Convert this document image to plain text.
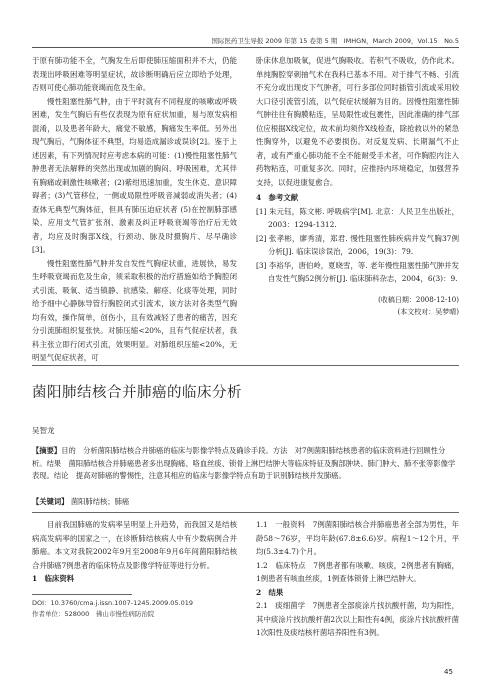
国际医药卫生导报 2009 年第 15 卷第 5 期　IMHGN，March 2009，Vol.15　No.5

于原有肺功能不全，气胸发生后即使肺压缩面积并不大，仍能表现出呼吸困难等明显症状，故诊断明确后应立即给予处理，否则可使心肺功能衰竭而危及生命。

慢性阻塞性肺气肿，由于平时就有不同程度的咳嗽或呼吸困难，发生气胸后有些仅表现为原有症状加重，易与原发病相混淆，以及患者年龄大，痛觉不敏感，胸痛发生率低。另外出现气胸后，气胸体征不典型，均易造成漏诊或误诊[2]。鉴于上述因素，有下列情况时应考虑本病的可能：(1)慢性阻塞性肺气肿患者无法解释的突然出现或加剧的胸闷、呼吸困难，尤其伴有胸痛或刺激性咳嗽者；(2)紫绀迅速加重，发生休克、意识障碍者；(3)气管移位，一侧或局限性呼吸音减弱或消失者；(4)查体无典型气胸体征，但具有肺压迫症状者 (5)在控制肺部感染、应用支气管扩张剂、激素及纠正呼吸衰竭等治疗后无效者，均应及时胸部X线，行颈动、脉及时摄胸片、尽早确诊[3]。

慢性阻塞性肺气肿并发自发性气胸症状重，进展快，易发生呼吸衰竭而危及生命，须采取积极的治疗措施如给予胸腔闭式引流、吸氧、适当镇静、抗感染、解痉、化痰等处理，同时给予细中心静脉导管行胸腔闭式引流术，该方法对各类型气胸均有效，操作简单，创伤小，且有效减轻了患者的痛苦，因充分引流肺组织复张快。对肺压缩<20%，且有气促症状者，我科主张立即行闭式引流，效果明显。对肺组织压缩<20%，无明显气促症状者，可

卧床休息加吸氧，促进气胸吸收。若积气不吸收，仍作此术。单纯胸腔穿刺抽气术在我科已基本不用。对于排气不畅、引流不充分或出现皮下气肿者，可行多部位同时插管引流或采用较大口径引流管引流，以气促症状缓解为目的。因慢性阻塞性肺气肿往往有胸膜粘连，呈局限性或包裹性，因此准确的排气部位应根据X线定位，故术前均须作X线检查，除抢救以外的紧急性胸穿外，以避免不必要损伤。对反复发病、长期漏气不止者，或有严重心肺功能不全不能耐受手术者，可作胸腔内注入药物粘连，可重复多次。同时，应推持内环境稳定，加强营养支持，以促进康复愈合。

4　参考文献

[1] 朱元钰，陈文彬. 呼吸病学[M]. 北京：人民卫生出版社，2003：1294-1312.

[2] 张孝彬，廖秀清，郑君. 慢性阻塞性肺疾病并发气胸37例分析[J]. 临床误诊误治，2006，19(3)：79.

[3] 李裕华，唐伯岭，夏晓雪，等. 老年慢性阻塞性肺气肿并发自发性气胸52例分析[J]. 临床肺科杂志，2004，6(3)：9.

(收稿日期：2008-12-10)

(本文校对：吴梦晴)

菌阳肺结核合并肺癌的临床分析
吴智龙

【摘要】目的　分析菌阳肺结核合并肺癌的临床与影像学特点及确诊手段。方法　对7例菌阳肺结核患者的临床资料进行回顾性分析。结果　菌阳肺结核合并肺癌患者多出现胸痛、咯血丝痰、锁骨上淋巴结肿大等临床特征及胸部肿块、肺门肿大、肺不张等影像学表现。结论　提高对肺癌的警惕性，注意其相应的临床与影像学特点有助于识别肺结核并发肺癌。

【关键词】 菌阳肺结核；肺癌

目前我国肺癌的发病率呈明显上升趋势，而我国又是结核病高发病率的国家之一，在诊断肺结核病人中有少数病例合并肺癌。本文对我院2002年9月至2008年9月6年间菌阳肺结核合并肺癌7例患者的临床特点及影像学特征等进行分析。

1　临床资料

1.1　一般资料　7例菌阳肺结核合并肺癌患者全部为男性，年龄58～76岁，平均年龄(67.8±6.6)岁。病程1～12个月，平均(5.3±4.7)个月。

1.2　临床特点　7例患者都有咳嗽、咳痰，2例患者有胸痛，1例患者有咳血丝痰，1例查体锁骨上淋巴结肿大。

2　结果

2.1　痰细菌学　7例患者全部痰涂片找抗酸杆菌，均为阳性，其中痰涂片找抗酸杆菌2次以上阳性有4例，痰涂片找抗酸杆菌1次阳性及痰结核杆菌培养阳性有3例。

DOI：10.3760/cma.j.issn.1007-1245.2009.05.019
作者单位：528000　佛山市慢性病防治院
45
